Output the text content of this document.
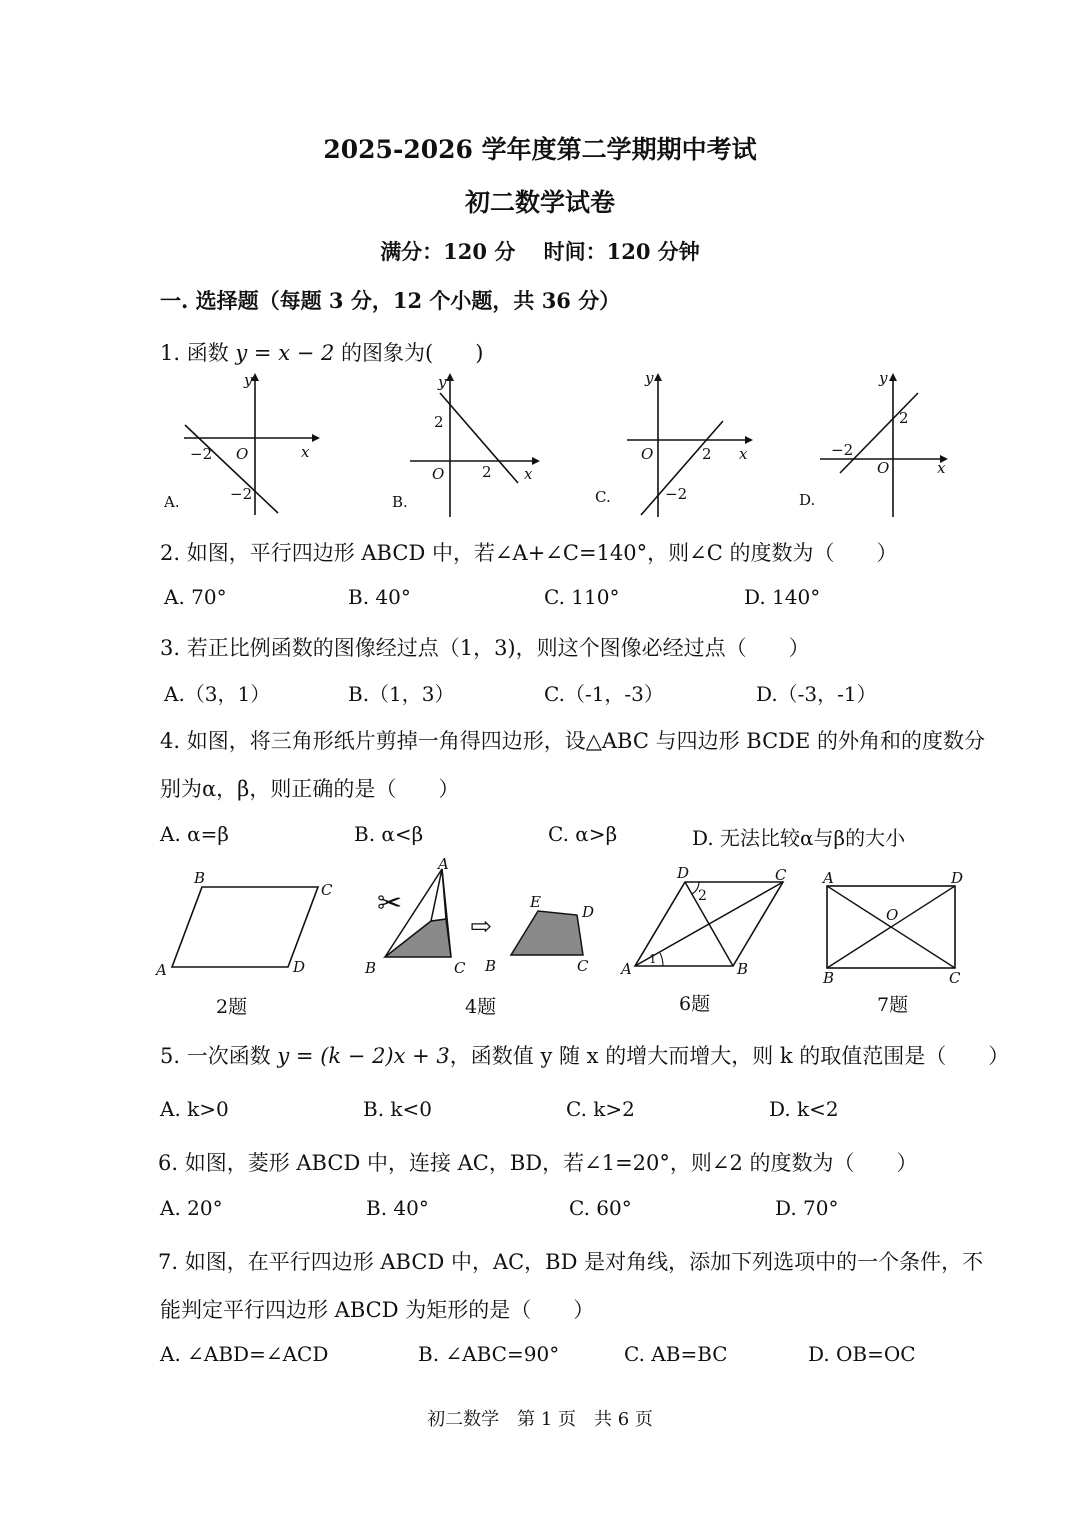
2025-2026 学年度第二学期期中考试
初二数学试卷
满分：120 分　 时间：120 分钟
一. 选择题（每题 3 分，12 个小题，共 36 分）
1. 函数 y = x − 2 的图象为(　　)
y
x
O
−2
−2
A.
y
x
O
2
2
B.
y
x
O	2
−2
C.
y
x
O
−2
2
D.
2. 如图，平行四边形 ABCD 中，若∠A+∠C=140°，则∠C 的度数为（　　）
A. 70°	B. 40°	C. 110°	D. 140°
3. 若正比例函数的图像经过点（1，3)，则这个图像必经过点（　　）
A.（3，1）	B.（1，3）	C.（-1，-3）	D.（-3，-1）
4. 如图，将三角形纸片剪掉一角得四边形，设△ABC 与四边形 BCDE 的外角和的度数分
别为α，β，则正确的是（　　）
A. α=β	B. α<β	C. α>β	D. 无法比较α与β的大小
B
C
A	D
2题
✂
A
B	C
⇨
E
D
B	C
4题
D	C
A	B
1
2
6题
A	D
B	C
O
7题
5. 一次函数 y = (k − 2)x + 3，函数值 y 随 x 的增大而增大，则 k 的取值范围是（　　）
A. k>0	B. k<0	C. k>2	D. k<2
6. 如图，菱形 ABCD 中，连接 AC，BD，若∠1=20°，则∠2 的度数为（　　）
A. 20°	B. 40°	C. 60°	D. 70°
7. 如图，在平行四边形 ABCD 中，AC，BD 是对角线，添加下列选项中的一个条件，不
能判定平行四边形 ABCD 为矩形的是（　　）
A. ∠ABD=∠ACD	B. ∠ABC=90°	C. AB=BC	D. OB=OC
初二数学　第 1 页　共 6 页
